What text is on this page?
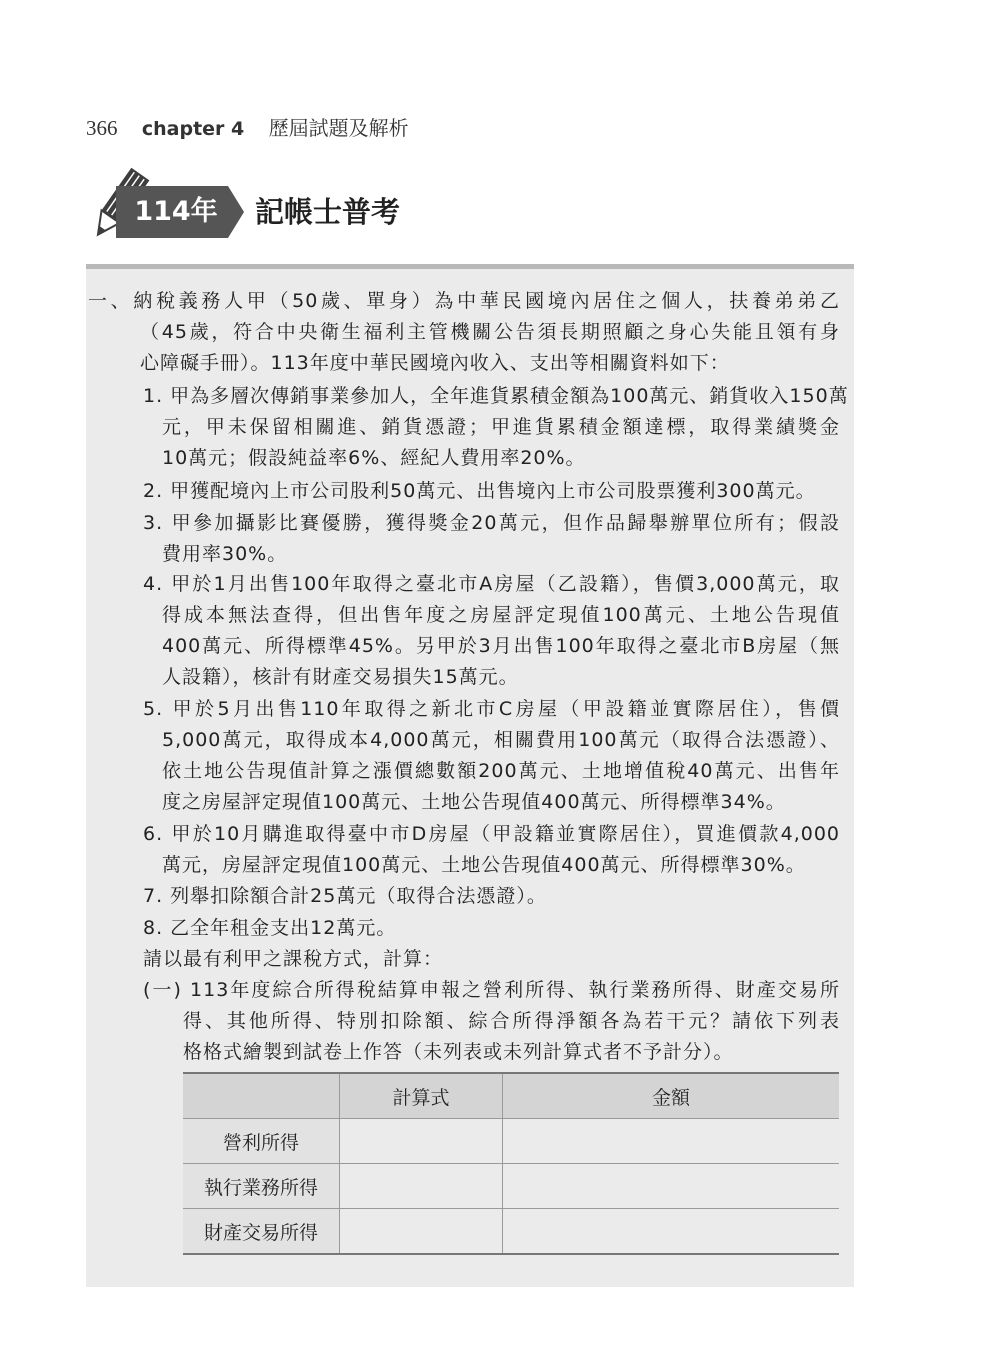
366 chapter 4 歷屆試題及解析
114年 記帳士普考
一、納稅義務人甲（50歲、單身）為中華民國境內居住之個人，扶養弟弟乙
（45歲，符合中央衛生福利主管機關公告須長期照顧之身心失能且領有身
心障礙手冊）。113年度中華民國境內收入、支出等相關資料如下：
1. 甲為多層次傳銷事業參加人，全年進貨累積金額為100萬元、銷貨收入150萬
元，甲未保留相關進、銷貨憑證；甲進貨累積金額達標，取得業績獎金
10萬元；假設純益率6%、經紀人費用率20%。
2. 甲獲配境內上市公司股利50萬元、出售境內上市公司股票獲利300萬元。
3. 甲參加攝影比賽優勝，獲得獎金20萬元，但作品歸舉辦單位所有；假設
費用率30%。
4. 甲於1月出售100年取得之臺北市A房屋（乙設籍），售價3,000萬元，取
得成本無法查得，但出售年度之房屋評定現值100萬元、土地公告現值
400萬元、所得標準45%。另甲於3月出售100年取得之臺北市B房屋（無
人設籍），核計有財產交易損失15萬元。
5. 甲於5月出售110年取得之新北市C房屋（甲設籍並實際居住），售價
5,000萬元，取得成本4,000萬元，相關費用100萬元（取得合法憑證）、
依土地公告現值計算之漲價總數額200萬元、土地增值稅40萬元、出售年
度之房屋評定現值100萬元、土地公告現值400萬元、所得標準34%。
6. 甲於10月購進取得臺中市D房屋（甲設籍並實際居住），買進價款4,000
萬元，房屋評定現值100萬元、土地公告現值400萬元、所得標準30%。
7. 列舉扣除額合計25萬元（取得合法憑證）。
8. 乙全年租金支出12萬元。
請以最有利甲之課稅方式，計算：
(一) 113年度綜合所得稅結算申報之營利所得、執行業務所得、財產交易所
得、其他所得、特別扣除額、綜合所得淨額各為若干元？請依下列表
格格式繪製到試卷上作答（未列表或未列計算式者不予計分）。
	計算式	金額
營利所得		
執行業務所得		
財產交易所得		
